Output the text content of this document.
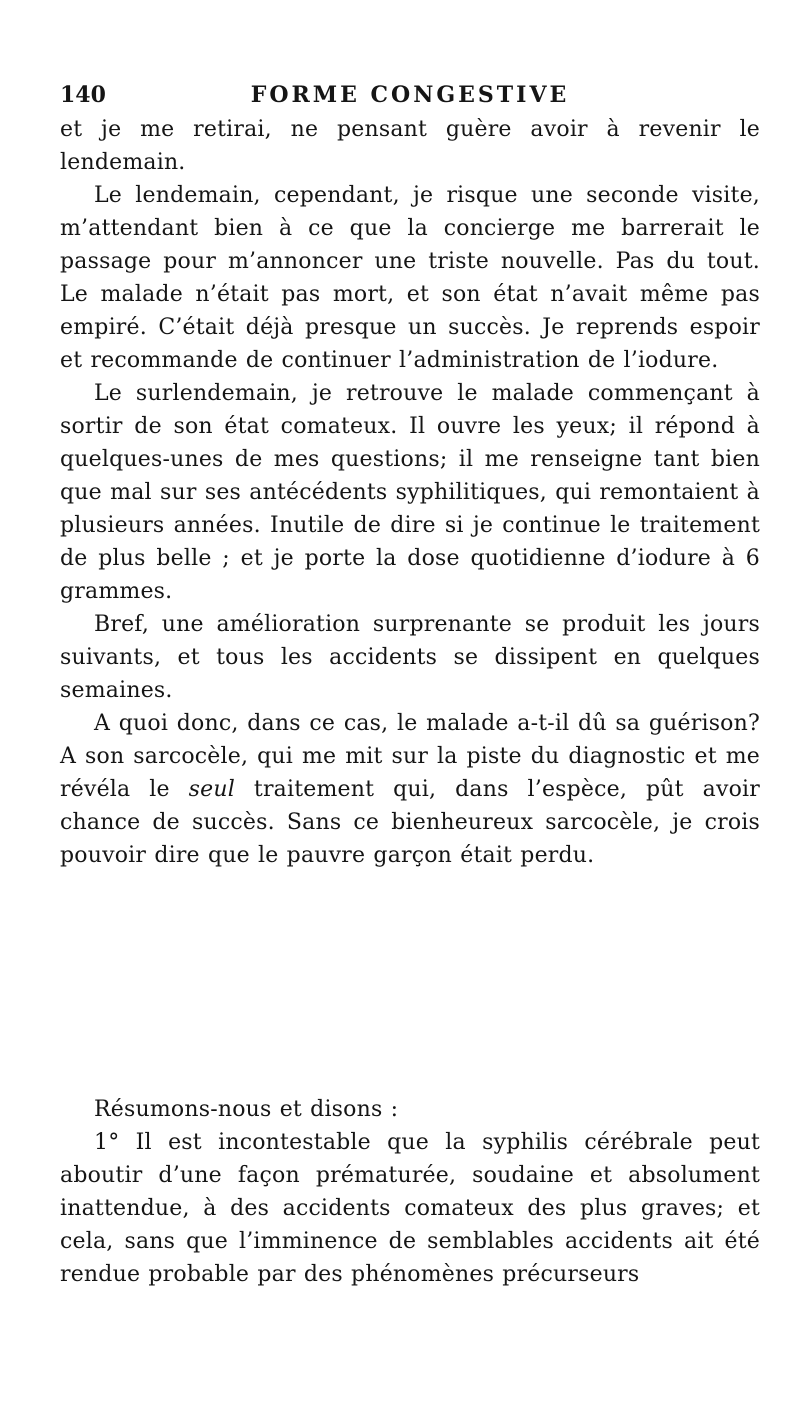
140	FORME CONGESTIVE

et je me retirai, ne pensant guère avoir à revenir le lendemain.

Le lendemain, cependant, je risque une seconde visite, m’attendant bien à ce que la concierge me barrerait le passage pour m’annoncer une triste nouvelle. Pas du tout. Le malade n’était pas mort, et son état n’avait même pas empiré. C’était déjà presque un succès. Je reprends espoir et recommande de continuer l’administration de l’iodure.

Le surlendemain, je retrouve le malade commençant à sortir de son état comateux. Il ouvre les yeux; il répond à quelques-unes de mes questions; il me renseigne tant bien que mal sur ses antécédents syphilitiques, qui remontaient à plusieurs années. Inutile de dire si je continue le traitement de plus belle ; et je porte la dose quotidienne d’iodure à 6 grammes.

Bref, une amélioration surprenante se produit les jours suivants, et tous les accidents se dissipent en quelques semaines.

A quoi donc, dans ce cas, le malade a-t-il dû sa guérison? A son sarcocèle, qui me mit sur la piste du diagnostic et me révéla le seul traitement qui, dans l’espèce, pût avoir chance de succès. Sans ce bienheureux sarcocèle, je crois pouvoir dire que le pauvre garçon était perdu.

Résumons-nous et disons :

1° Il est incontestable que la syphilis cérébrale peut aboutir d’une façon prématurée, soudaine et absolument inattendue, à des accidents comateux des plus graves; et cela, sans que l’imminence de semblables accidents ait été rendue probable par des phénomènes précurseurs
